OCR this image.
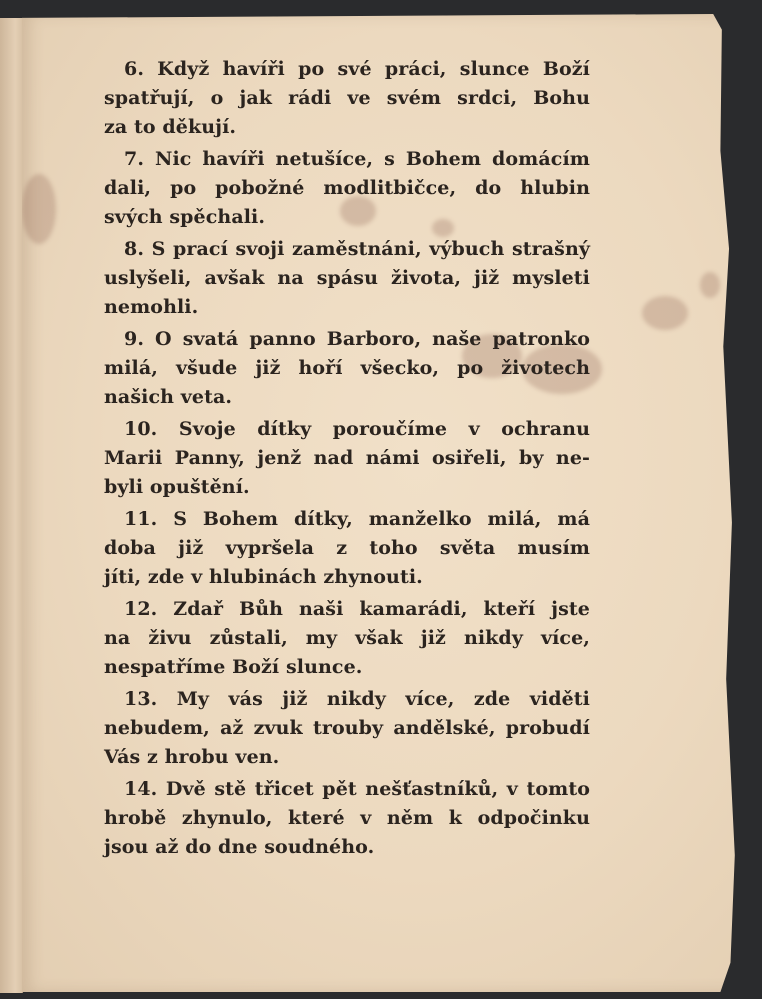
6. Když havíři po své práci, slunce Boží
spatřují, o jak rádi ve svém srdci, Bohu
za to děkují.
7. Nic havíři netušíce, s Bohem domácím
dali, po pobožné modlitbičce, do hlubin
svých spěchali.
8. S prací svoji zaměstnáni, výbuch strašný
uslyšeli, avšak na spásu života, již mysleti
nemohli.
9. O svatá panno Barboro, naše patronko
milá, všude již hoří všecko, po životech
našich veta.
10. Svoje dítky poroučíme v ochranu
Marii Panny, jenž nad námi osiřeli, by ne-
byli opuštění.
11. S Bohem dítky, manželko milá, má
doba již vypršela z toho světa musím
jíti, zde v hlubinách zhynouti.
12. Zdař Bůh naši kamarádi, kteří jste
na živu zůstali, my však již nikdy více,
nespatříme Boží slunce.
13. My vás již nikdy více, zde viděti
nebudem, až zvuk trouby andělské, probudí
Vás z hrobu ven.
14. Dvě stě třicet pět nešťastníků, v tomto
hrobě zhynulo, které v něm k odpočinku
jsou až do dne soudného.
